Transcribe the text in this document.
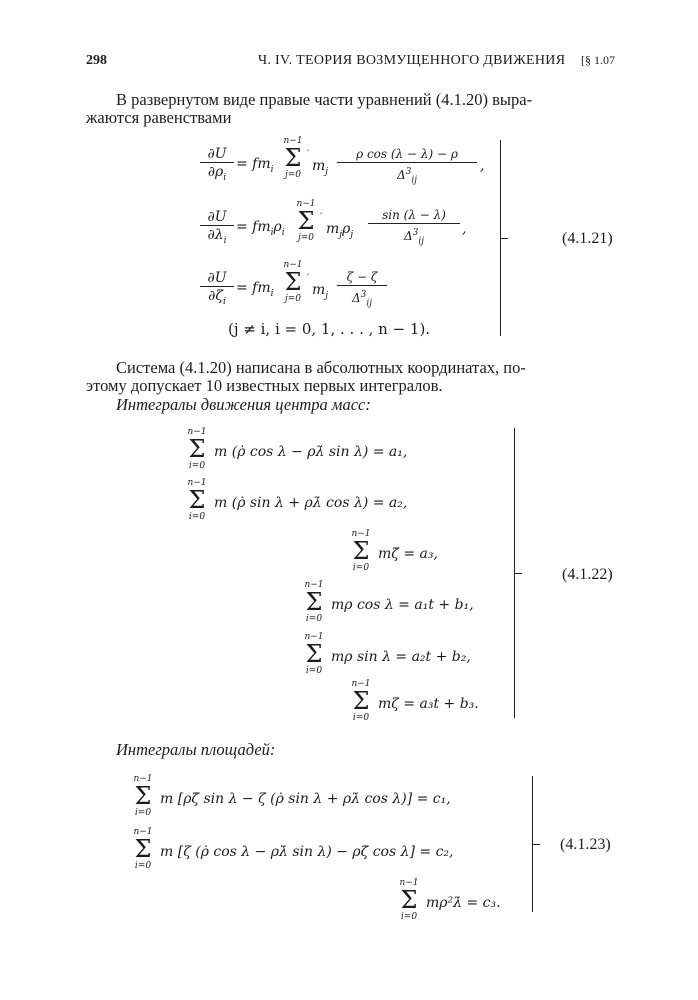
298	Ч. IV. ТЕОРИЯ ВОЗМУЩЕННОГО ДВИЖЕНИЯ [§ 1.07
В развернутом виде правые части уравнений (4.1.20) выра-
жаются равенствами
$\frac{\partial U}{\partial\rho_i} = fm_i$
n−1
Σ
j=0
′
$m_j \frac{\text{ρ cos (λ − λ) − ρ}}{\Delta^3_{ij}}$ ,
$\frac{\partial U}{\partial\lambda_i} = fm_i\rho_i$
n−1
Σ
j=0
′
$m_j\rho_j \frac{\sin (\lambda - \lambda)}{\Delta^3_{ij}}$ ,
$\frac{\partial U}{\partial\zeta_i} = fm_i$
n−1
Σ
j=0
′
$m_j \frac{\zeta - \zeta}{\Delta^3_{ij}}$
(j ≠ i, i = 0, 1, . . . , n − 1).
(4.1.21)
Система (4.1.20) написана в абсолютных координатах, по-
этому допускает 10 известных первых интегралов.
Интегралы движения центра масс:
n−1
Σ
i=0
m (ρ̇ cos λ − ρλ̇ sin λ) = a₁,
n−1
Σ
i=0
m (ρ̇ sin λ + ρλ̇ cos λ) = a₂,
n−1
Σ
i=0
mζ̇ = a₃,
n−1
Σ
i=0
mρ cos λ = a₁t + b₁,
n−1
Σ
i=0
mρ sin λ = a₂t + b₂,
n−1
Σ
i=0
mζ = a₃t + b₃.
(4.1.22)
Интегралы площадей:
n−1
Σ
i=0
m [ρζ̇ sin λ − ζ (ρ̇ sin λ + ρλ̇ cos λ)] = c₁,
n−1
Σ
i=0
m [ζ (ρ̇ cos λ − ρλ̇ sin λ) − ρζ̇ cos λ] = c₂,
n−1
Σ
i=0
mρ²λ̇ = c₃.
(4.1.23)
